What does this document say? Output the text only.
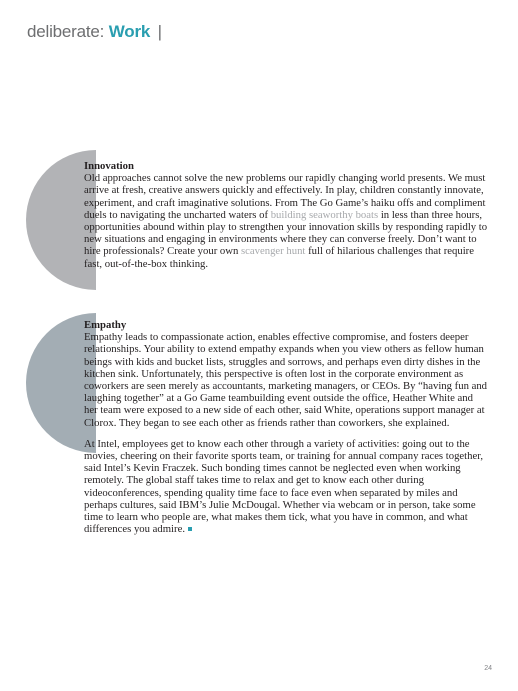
deliberate: Work |
Innovation

Old approaches cannot solve the new problems our rapidly changing world presents. We must arrive at fresh, creative answers quickly and effectively. In play, children constantly innovate, experiment, and craft imaginative solutions. From The Go Game’s haiku offs and compliment duels to navigating the uncharted waters of building seaworthy boats in less than three hours, opportunities abound within play to strengthen your innovation skills by responding rapidly to new situations and engaging in environments where they can converse freely. Don’t want to hire professionals? Create your own scavenger hunt full of hilarious challenges that require fast, out-of-the-box thinking.

Empathy

Empathy leads to compassionate action, enables effective compromise, and fosters deeper relationships. Your ability to extend empathy expands when you view others as fellow human beings with kids and bucket lists, struggles and sorrows, and perhaps even dirty dishes in the kitchen sink. Unfortunately, this perspective is often lost in the corporate environment as coworkers are seen merely as accountants, marketing managers, or CEOs. By “having fun and laughing together” at a Go Game teambuilding event outside the office, Heather White and her team were exposed to a new side of each other, said White, operations support manager at Clorox. They began to see each other as friends rather than coworkers, she explained.

At Intel, employees get to know each other through a variety of activities: going out to the movies, cheering on their favorite sports team, or training for annual company races together, said Intel’s Kevin Fraczek. Such bonding times cannot be neglected even when working remotely. The global staff takes time to relax and get to know each other during videoconferences, spending quality time face to face even when separated by miles and perhaps cultures, said IBM’s Julie McDougal. Whether via webcam or in person, take some time to learn who people are, what makes them tick, what you have in common, and what differences you admire.

24
